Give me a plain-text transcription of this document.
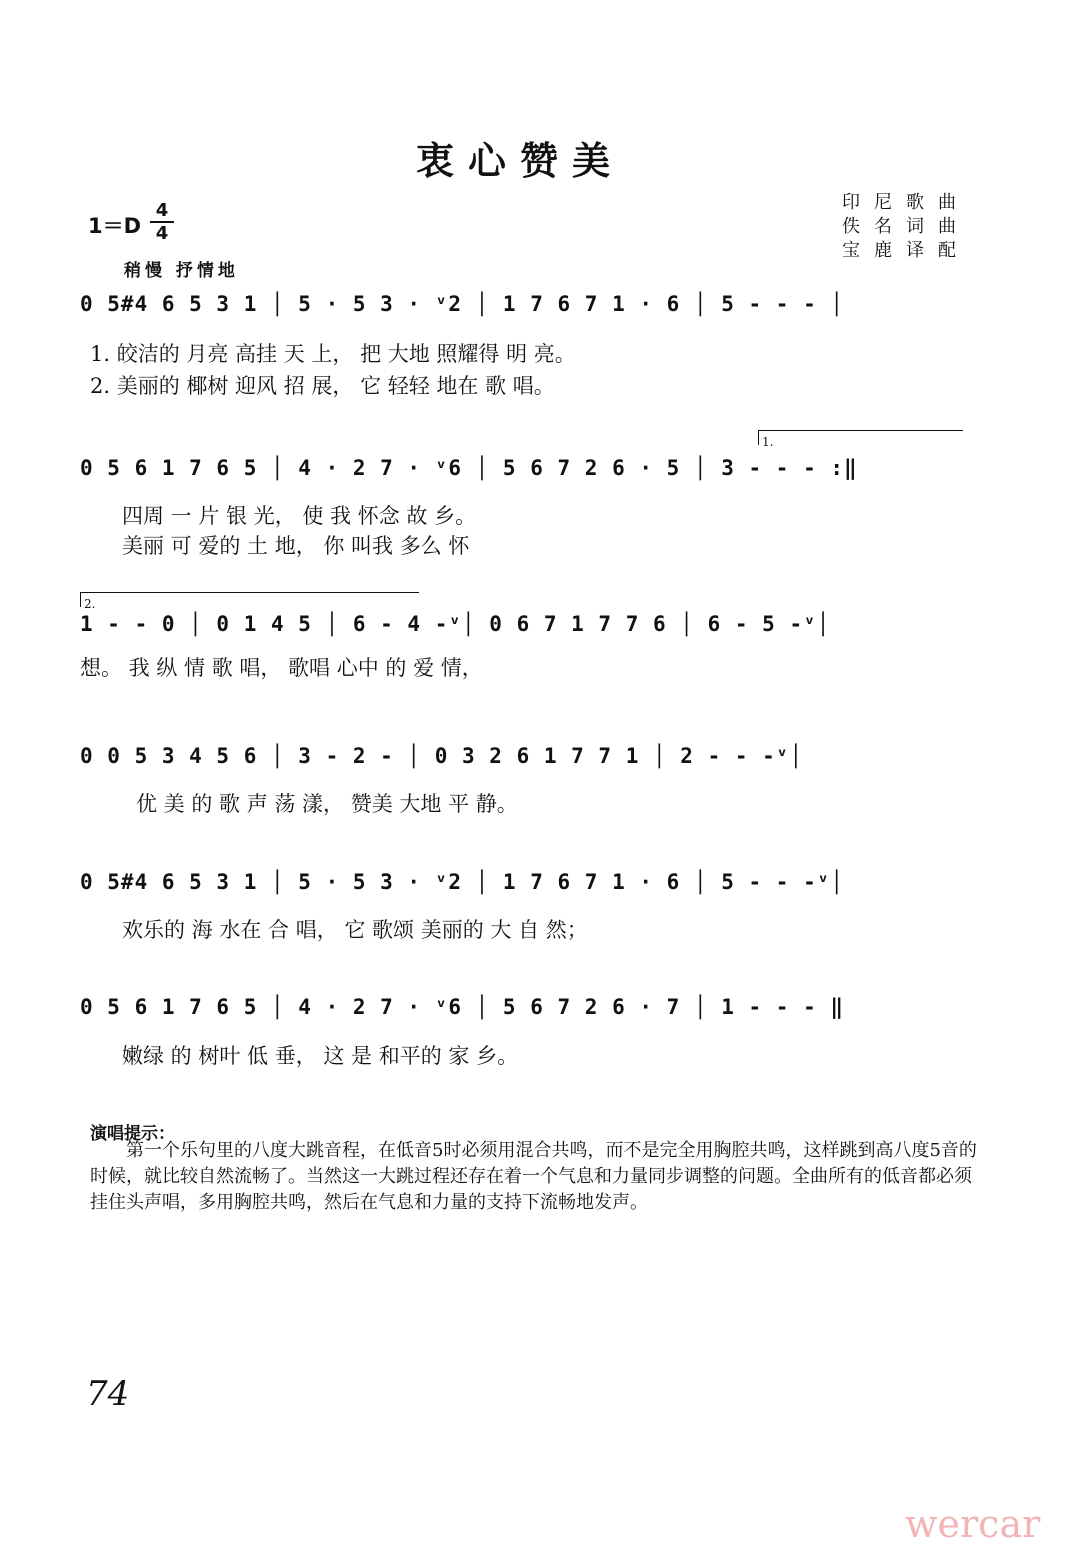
衷心赞美
印尼歌曲
佚名词曲
宝鹿译配
1＝D
4
4
稍慢 抒情地
0 5#4 6 5 3 1 │ 5 · 5 3 · ᵛ2 │ 1 7 6 7 1 · 6 │ 5 - - - │
1. 皎洁的 月亮 高挂 天 上， 把 大地 照耀得 明 亮。
2. 美丽的 椰树 迎风 招 展， 它 轻轻 地在 歌 唱。
1.
0 5 6 1 7 6 5 │ 4 · 2 7 · ᵛ6 │ 5 6 7 2 6 · 5 │ 3 - - - :‖
四周 一 片 银 光， 使 我 怀念 故 乡。
美丽 可 爱的 土 地， 你 叫我 多么 怀
2.
1 - - 0 │ 0 1 4 5 │ 6 - 4 -ᵛ│ 0 6 7 1 7 7 6 │ 6 - 5 -ᵛ│
想。 我 纵 情 歌 唱， 歌唱 心中 的 爱 情，
0 0 5 3 4 5 6 │ 3 - 2 - │ 0 3 2 6 1 7 7 1 │ 2 - - -ᵛ│
优 美 的 歌 声 荡 漾， 赞美 大地 平 静。
0 5#4 6 5 3 1 │ 5 · 5 3 · ᵛ2 │ 1 7 6 7 1 · 6 │ 5 - - -ᵛ│
欢乐的 海 水在 合 唱， 它 歌颂 美丽的 大 自 然；
0 5 6 1 7 6 5 │ 4 · 2 7 · ᵛ6 │ 5 6 7 2 6 · 7 │ 1 - - - ‖
嫩绿 的 树叶 低 垂， 这 是 和平的 家 乡。
演唱提示：
第一个乐句里的八度大跳音程，在低音5时必须用混合共鸣，而不是完全用胸腔共鸣，这样跳到高八度5音的时候，就比较自然流畅了。当然这一大跳过程还存在着一个气息和力量同步调整的问题。全曲所有的低音都必须挂住头声唱，多用胸腔共鸣，然后在气息和力量的支持下流畅地发声。
74
wercar
